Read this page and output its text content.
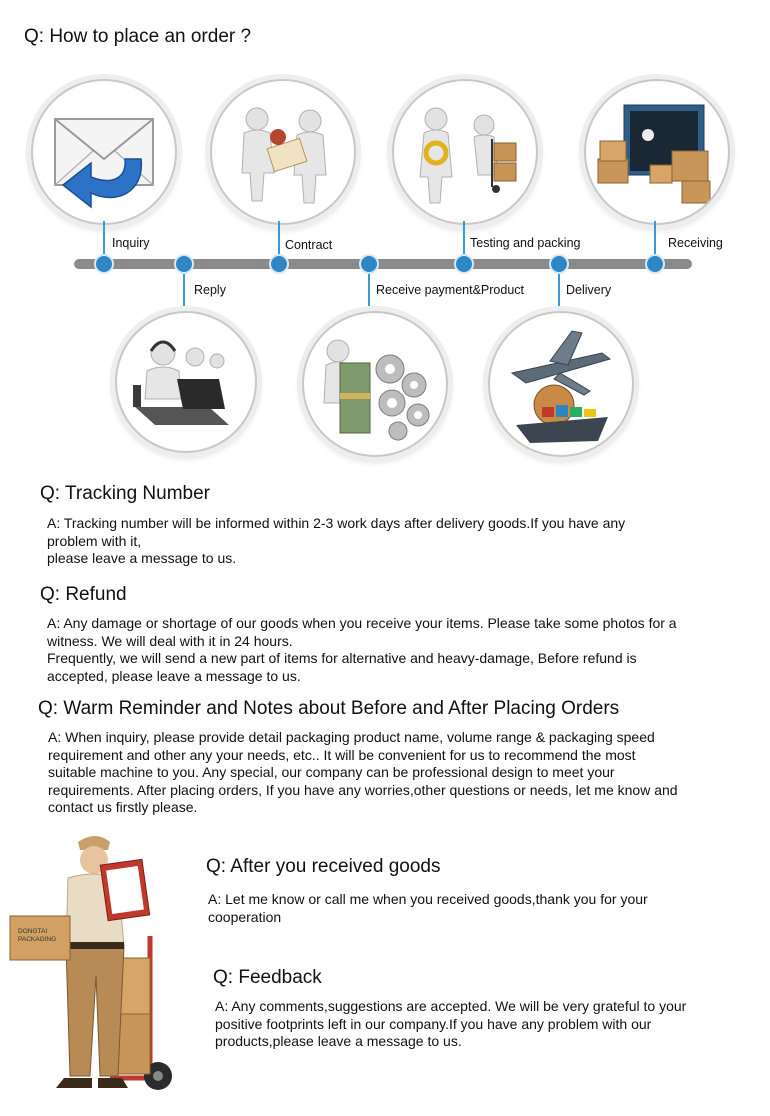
Q: How to place an order ?
Inquiry
Reply
Contract
Receive payment&Product
Testing and packing
Delivery
Receiving
Q: Tracking Number

A: Tracking number will be informed within 2-3 work days after delivery goods.If you have any problem with it,

please leave a message to us.

Q: Refund

A: Any damage or shortage of our goods when you receive your items. Please take some photos for a witness. We will deal with it in 24 hours.

Frequently, we will send a new part of items for alternative and heavy-damage, Before refund is accepted, please leave a message to us.

Q: Warm Reminder and Notes about Before and After Placing Orders

A: When inquiry, please provide detail packaging product name, volume range & packaging speed requirement and other any your needs, etc.. It will be convenient for us to recommend the most suitable machine to you. Any special, our company can be professional design to meet your requirements. After placing orders, If you have any worries,other questions or needs, let me know and contact us firstly please.

DONGTAI
PACKAGING
Q: After you received goods

A: Let me know or call me when you received goods,thank you for your cooperation

Q: Feedback

A: Any comments,suggestions are accepted. We will be very grateful to your positive footprints left in our company.If you have any problem with our products,please leave a message to us.
